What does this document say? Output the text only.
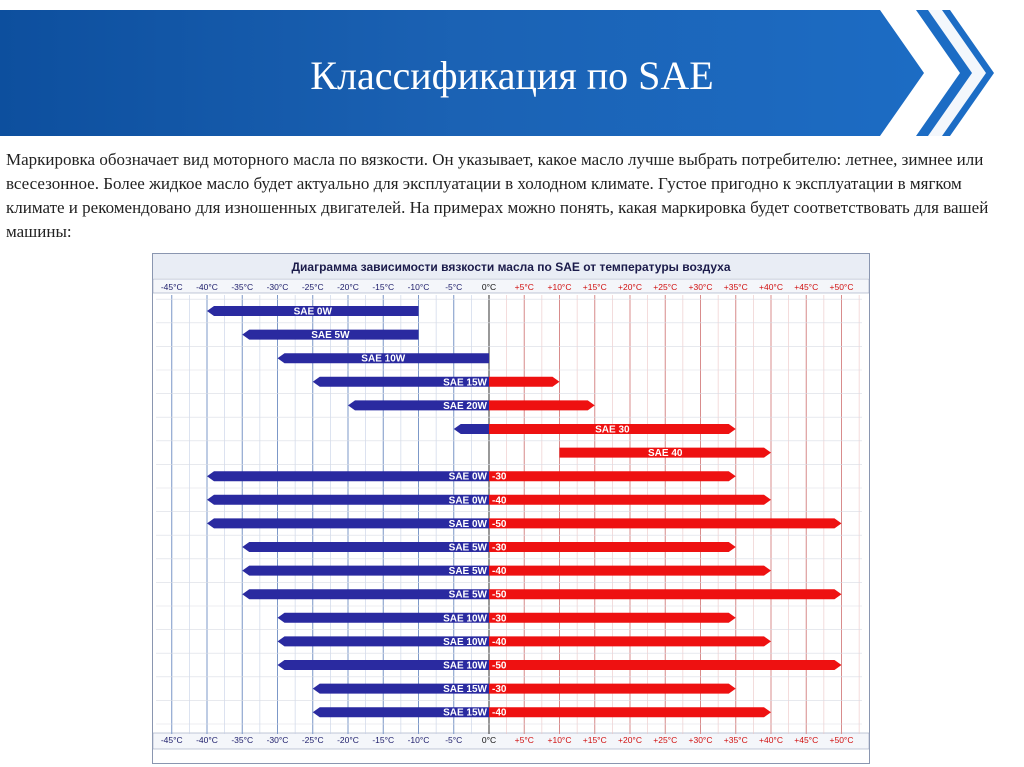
Классификация по SAE

Маркировка обозначает вид моторного масла по вязкости. Он указывает, какое масло лучше выбрать потребителю: летнее, зимнее или всесезонное. Более жидкое масло будет актуально для эксплуатации в холодном климате. Густое пригодно к эксплуатации в мягком климате и рекомендовано для изношенных двигателей. На примерах можно понять, какая маркировка будет соответствовать для вашей машины:

Диаграмма зависимости вязкости масла по SAE от температуры воздуха
-45°C
-45°C
-40°C
-40°C
-35°C
-35°C
-30°C
-30°C
-25°C
-25°C
-20°C
-20°C
-15°C
-15°C
-10°C
-10°C
-5°C
-5°C
0°C
0°C
+5°C
+5°C
+10°C
+10°C
+15°C
+15°C
+20°C
+20°C
+25°C
+25°C
+30°C
+30°C
+35°C
+35°C
+40°C
+40°C
+45°C
+45°C
+50°C
+50°C
SAE 0W
SAE 5W
SAE 10W
SAE 15W
SAE 20W
SAE 30
SAE 40
SAE 0W -30
SAE 0W -40
SAE 0W -50
SAE 5W -30
SAE 5W -40
SAE 5W -50
SAE 10W -30
SAE 10W -40
SAE 10W -50
SAE 15W -30
SAE 15W -40
